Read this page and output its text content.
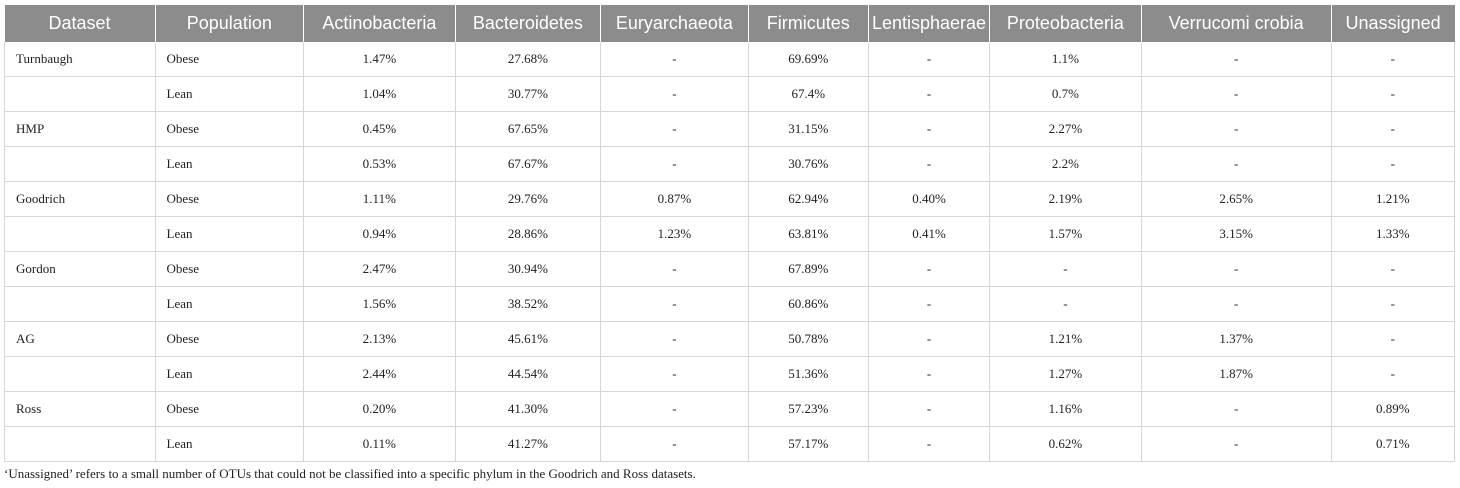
Dataset	Population	Actinobacteria	Bacteroidetes	Euryarchaeota	Firmicutes	Lentisphaerae	Proteobacteria	Verrucomi crobia	Unassigned
Turnbaugh	Obese	1.47%	27.68%	-	69.69%	-	1.1%	-	-
	Lean	1.04%	30.77%	-	67.4%	-	0.7%	-	-
HMP	Obese	0.45%	67.65%	-	31.15%	-	2.27%	-	-
	Lean	0.53%	67.67%	-	30.76%	-	2.2%	-	-
Goodrich	Obese	1.11%	29.76%	0.87%	62.94%	0.40%	2.19%	2.65%	1.21%
	Lean	0.94%	28.86%	1.23%	63.81%	0.41%	1.57%	3.15%	1.33%
Gordon	Obese	2.47%	30.94%	-	67.89%	-	-	-	-
	Lean	1.56%	38.52%	-	60.86%	-	-	-	-
AG	Obese	2.13%	45.61%	-	50.78%	-	1.21%	1.37%	-
	Lean	2.44%	44.54%	-	51.36%	-	1.27%	1.87%	-
Ross	Obese	0.20%	41.30%	-	57.23%	-	1.16%	-	0.89%
	Lean	0.11%	41.27%	-	57.17%	-	0.62%	-	0.71%
‘Unassigned’ refers to a small number of OTUs that could not be classified into a specific phylum in the Goodrich and Ross datasets.
